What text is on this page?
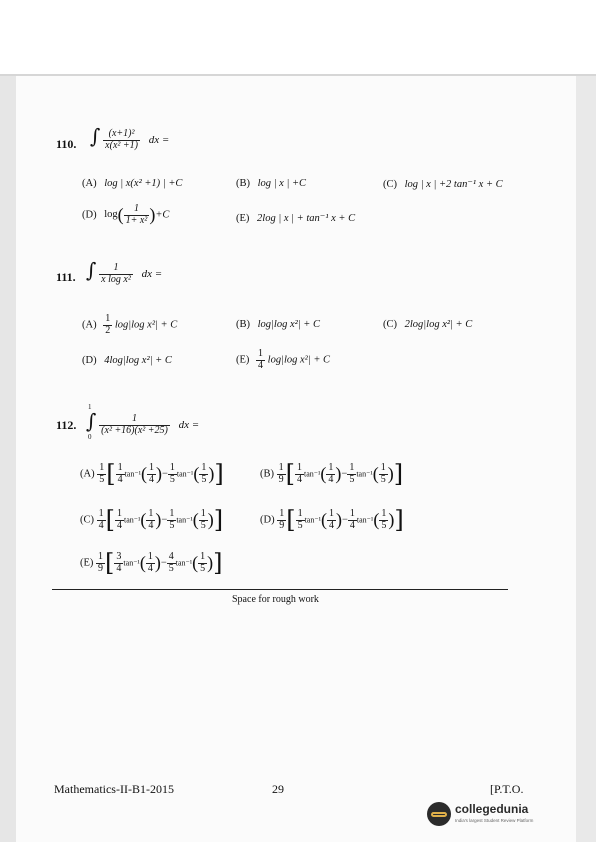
110. ∫ $\frac{\text{(x+1)²}}{\text{x(x² +1)}}$ dx =
(A) log | x(x² +1) | +C	(B) log | x | +C	(C) log | x | +2 tan⁻¹ x + C
(D) $\log( \frac{1}{\text{1+ x²}} )+C$	(E) 2log | x | + tan⁻¹ x + C
111. ∫ $\frac{1}{\text{x log x²}}$ dx =
$(A) \frac{1}{2} \log|\log$ x²| + C	(B) log|log x²| + C	(C) 2log|log x²| + C
(D) 4log|log x²| + C	$(E) \frac{1}{4} \log|\log$ x²| + C
112.
1
0
∫ $\frac{1}{\text{(x² +16)(x² +25)}}$ dx =
$(A) \frac{1}{5}$ [ $\frac{1}{4} \tan^{-1}( \frac{1}{4}$ )− $\frac{1}{5} \tan^{-1}( \frac{1}{5}$ )]	$(B) \frac{1}{9}$ [ $\frac{1}{4} \tan^{-1}( \frac{1}{4}$ )− $\frac{1}{5} \tan^{-1}( \frac{1}{5}$ )]
$(C) \frac{1}{4}$ [ $\frac{1}{4} \tan^{-1}( \frac{1}{4}$ )− $\frac{1}{5} \tan^{-1}( \frac{1}{5}$ )]	$(D) \frac{1}{9}$ [ $\frac{1}{5} \tan^{-1}( \frac{1}{4}$ )− $\frac{1}{4} \tan^{-1}( \frac{1}{5}$ )]
$(E) \frac{1}{9}$ [ $\frac{3}{4} \tan^{-1}( \frac{1}{4}$ )− $\frac{4}{5} \tan^{-1}( \frac{1}{5}$ )]
Space for rough work
Mathematics-II-B1-2015	29	[P.T.O.
collegedunia
India's largest Student Review Platform
